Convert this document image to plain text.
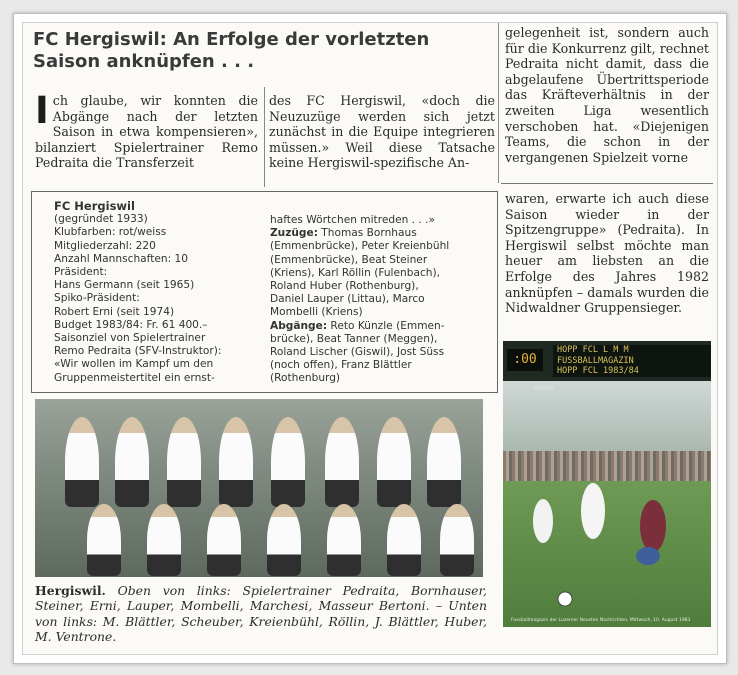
FC Hergiswil: An Erfolge der vorletzten
Saison anknüpfen . . .
I ch glaube, wir konnten die Abgänge nach der letzten Saison in etwa kompensieren», bilanziert Spielertrainer Remo Pedraita die Transferzeit

des FC Hergiswil, «doch die Neuzuzüge werden sich jetzt zunächst in die Equipe integrieren müssen.» Weil diese Tatsache keine Hergiswil-spezifische An-

gelegenheit ist, sondern auch für die Konkurrenz gilt, rechnet Pedraita nicht damit, dass die abgelaufene Übertrittsperiode das Kräfteverhältnis in der zweiten Liga wesentlich verschoben hat. «Diejenigen Teams, die schon in der vergangenen Spielzeit vorne

waren, erwarte ich auch diese Saison wieder in der Spitzengruppe» (Pedraita). In Hergiswil selbst möchte man heuer am liebsten an die Erfolge des Jahres 1982 anknüpfen – damals wurden die Nidwaldner Gruppensieger.

FC Hergiswil

(gegründet 1933)

Klubfarben: rot/weiss

Mitgliederzahl: 220

Anzahl Mannschaften: 10

Präsident:

Hans Germann (seit 1965)

Spiko-Präsident:

Robert Erni (seit 1974)

Budget 1983/84: Fr. 61 400.–

Saisonziel von Spielertrainer

Remo Pedraita (SFV-Instruktor):

«Wir wollen im Kampf um den

Gruppenmeistertitel ein ernst-

haftes Wörtchen mitreden . . .»

Zuzüge: Thomas Bornhaus

(Emmenbrücke), Peter Kreienbühl

(Emmenbrücke), Beat Steiner

(Kriens), Karl Röllin (Fulenbach),

Roland Huber (Rothenburg),

Daniel Lauper (Littau), Marco

Mombelli (Kriens)

Abgänge: Reto Künzle (Emmen-

brücke), Beat Tanner (Meggen),

Roland Lischer (Giswil), Jost Süss

(noch offen), Franz Blättler

(Rothenburg)

Hergiswil. Oben von links: Spielertrainer Pedraita, Bornhauser, Steiner, Erni, Lauper, Mombelli, Marchesi, Masseur Bertoni. – Unten von links: M. Blättler, Scheuber, Kreienbühl, Röllin, J. Blättler, Huber, M. Ventrone.
:00
HOPP FCL L M M
FUSSBALLMAGAZIN
HOPP FCL 1983/84
Vevey
Fussballmagazin der Luzerner Neusten Nachrichten, Mittwoch, 10. August 1983
